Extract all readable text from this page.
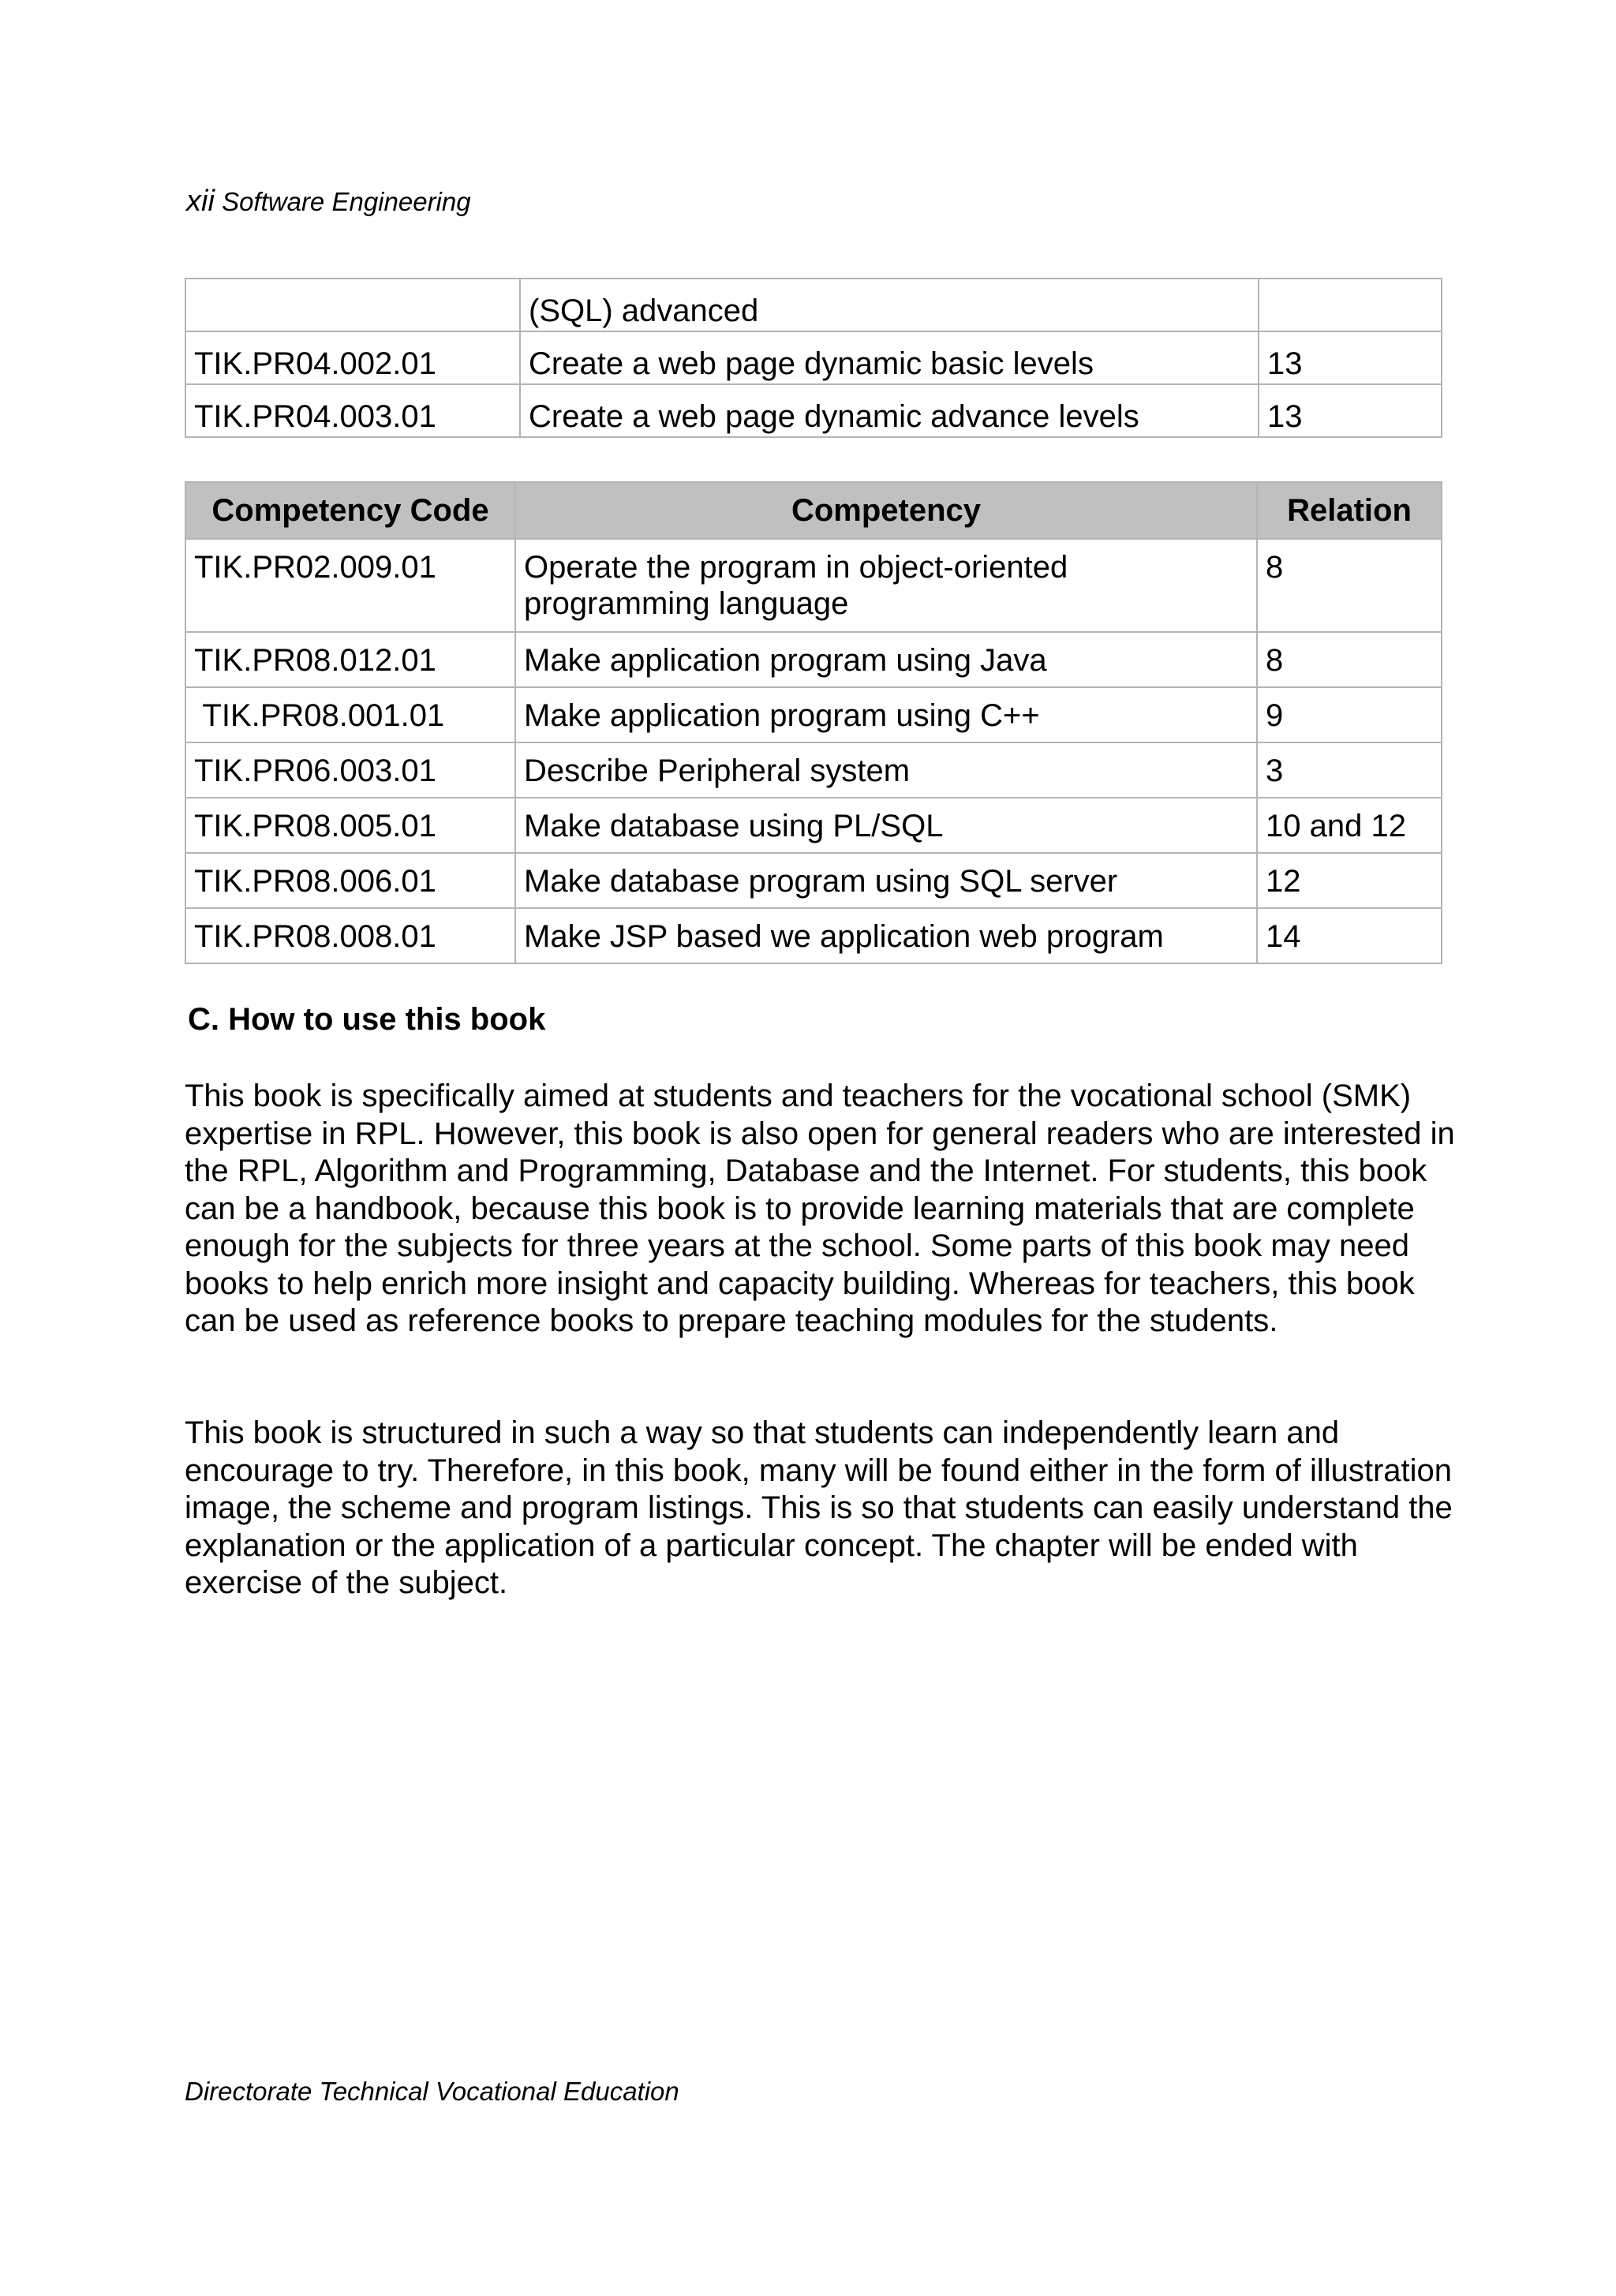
xii Software Engineering
	(SQL) advanced	
TIK.PR04.002.01	Create a web page dynamic basic levels	13
TIK.PR04.003.01	Create a web page dynamic advance levels	13
Competency Code	Competency	Relation
TIK.PR02.009.01	Operate the program in object-oriented programming language	8
TIK.PR08.012.01	Make application program using Java	8
TIK.PR08.001.01	Make application program using C++	9
TIK.PR06.003.01	Describe Peripheral system	3
TIK.PR08.005.01	Make database using PL/SQL	10 and 12
TIK.PR08.006.01	Make database program using SQL server	12
TIK.PR08.008.01	Make JSP based we application web program	14
C. How to use this book

This book is specifically aimed at students and teachers for the vocational school (SMK) expertise in RPL. However, this book is also open for general readers who are interested in the RPL, Algorithm and Programming, Database and the Internet. For students, this book can be a handbook, because this book is to provide learning materials that are complete enough for the subjects for three years at the school. Some parts of this book may need books to help enrich more insight and capacity building. Whereas for teachers, this book can be used as reference books to prepare teaching modules for the students.

This book is structured in such a way so that students can independently learn and encourage to try. Therefore, in this book, many will be found either in the form of illustration image, the scheme and program listings. This is so that students can easily understand the explanation or the application of a particular concept. The chapter will be ended with exercise of the subject.

Directorate Technical Vocational Education
